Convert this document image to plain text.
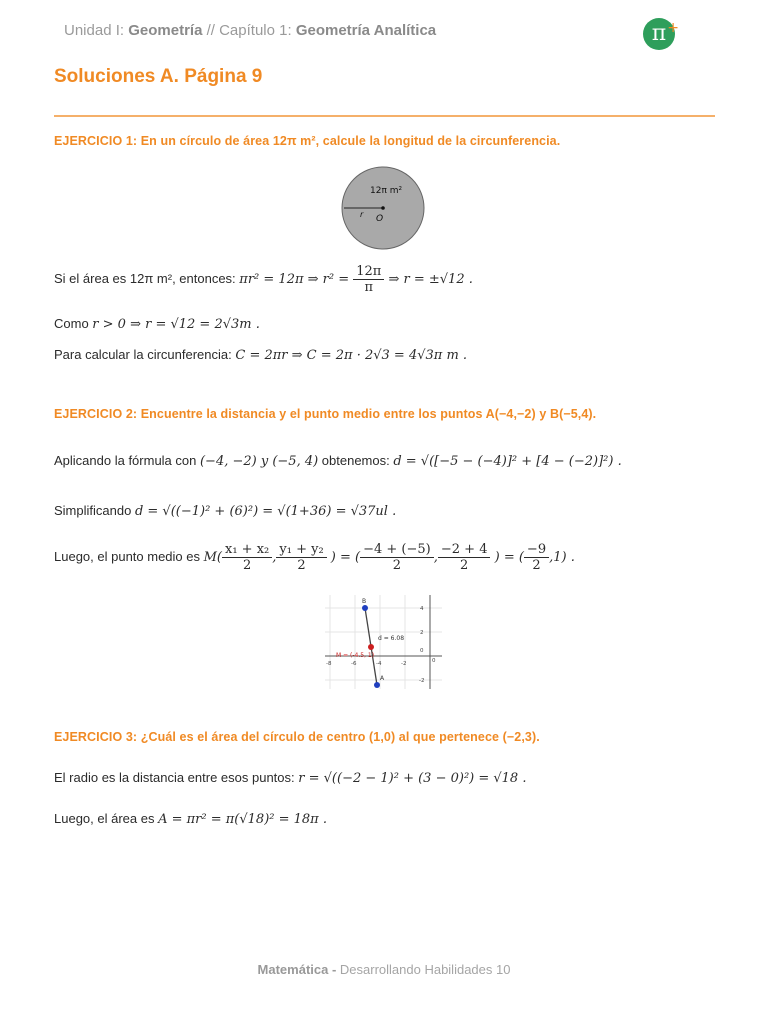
Unidad I: Geometría // Capítulo 1: Geometría Analítica	π +
Soluciones A. Página 9
EJERCICIO 1: En un círculo de área 12π m², calcule la longitud de la circunferencia.
12π m²
r O
Si el área es 12π m², entonces: πr² = 12π ⇒ $r^2 = \frac{12\pi}{\pi}$ ⇒ r = ±√12 .
Como r > 0 ⇒ r = √12 = 2√3m .
Para calcular la circunferencia: C = 2πr ⇒ C = 2π · 2√3 = 4√3π m .
EJERCICIO 2: Encuentre la distancia y el punto medio entre los puntos A(−4,−2) y B(−5,4).
Aplicando la fórmula con (−4, −2) y (−5, 4) obtenemos: d = √([−5 − (−4)]² + [4 − (−2)]²) .
Simplificando d = √((−1)² + (6)²) = √(1+36) = √37ul .
Luego, el punto medio es $M( \frac{\text{x₁ + x₂}}{2}$ , $\frac{\text{y₁ + y₂}}{2}$ ) = ( $\frac{-4 + (-5)}{2}$ , $\frac{-2 + 4}{2}$ ) = ( $\frac{-9}{2} ,1$) .
B
A
d = 6.08
M = (-4.5, 1)
-8	-6	-4	-2	0
4
2
0
-2
EJERCICIO 3: ¿Cuál es el área del círculo de centro (1,0) al que pertenece (−2,3).
El radio es la distancia entre esos puntos: r = √((−2 − 1)² + (3 − 0)²) = √18 .
Luego, el área es A = πr² = π(√18)² = 18π .
Matemática - Desarrollando Habilidades 10
